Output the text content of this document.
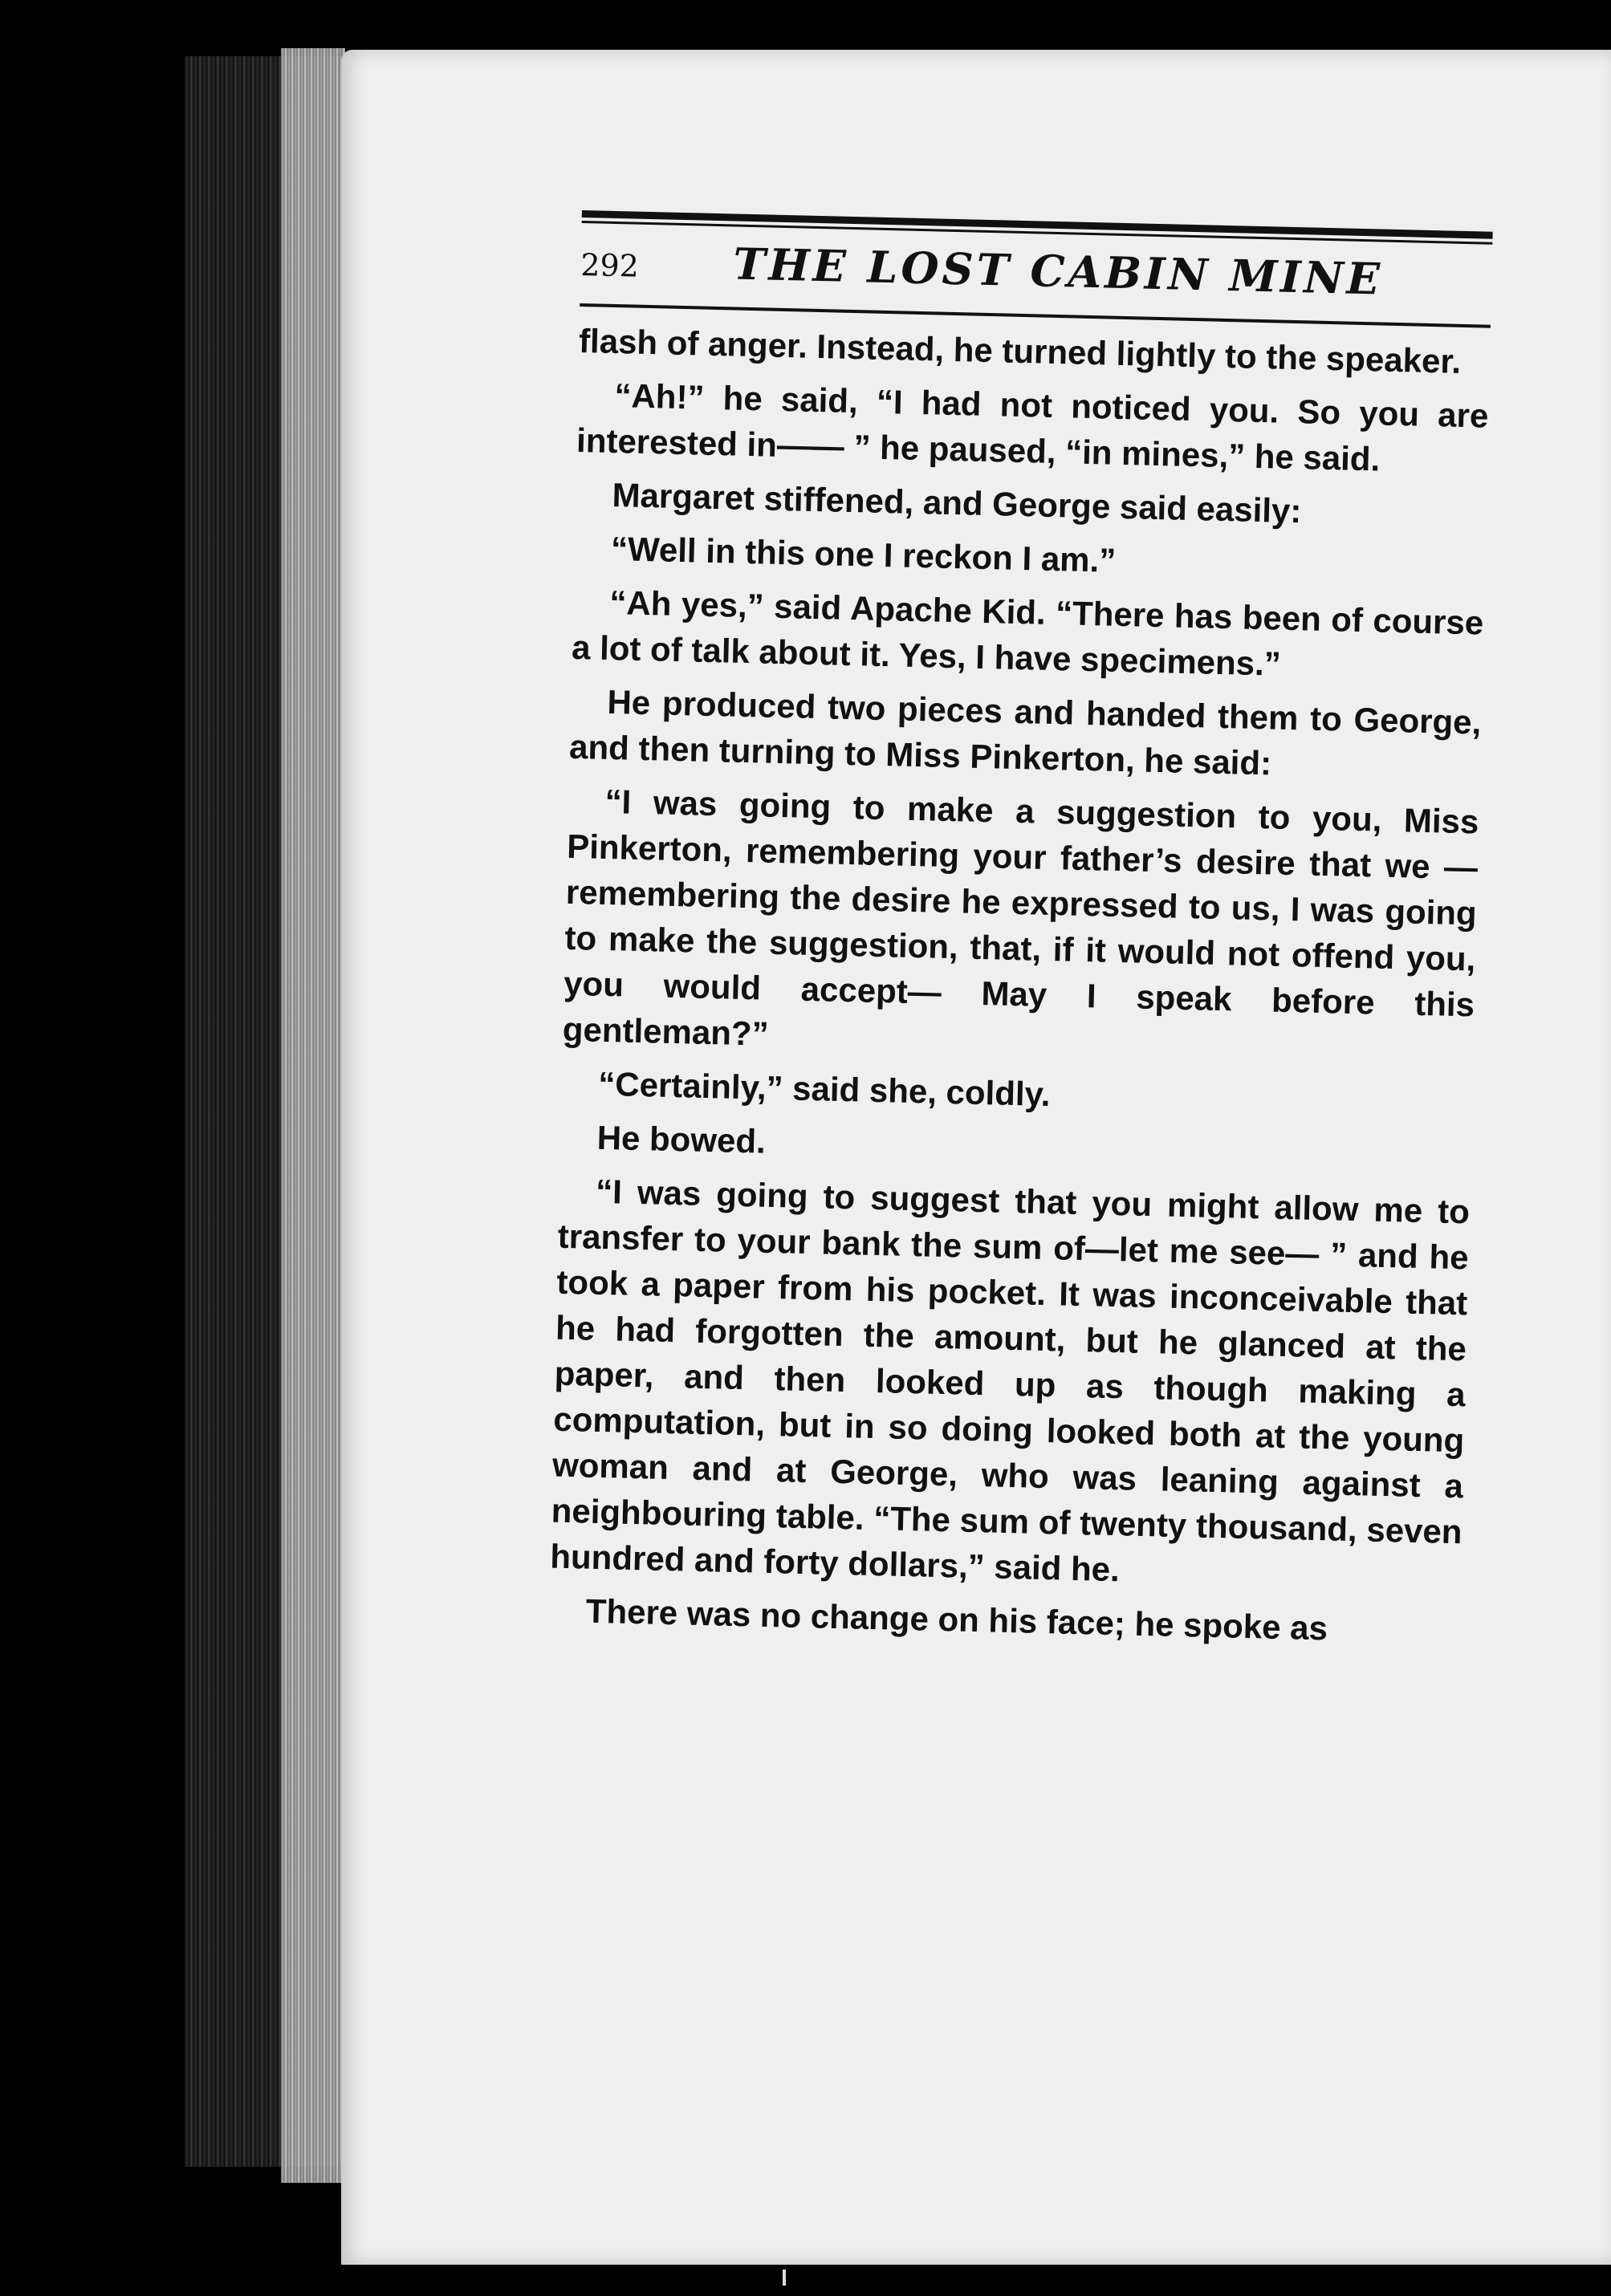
292	THE LOST CABIN MINE

flash of anger. Instead, he turned lightly to the speaker.

“Ah!” he said, “I had not noticed you. So you are interested in—— ” he paused, “in mines,” he said.

Margaret stiffened, and George said easily:

“Well in this one I reckon I am.”

“Ah yes,” said Apache Kid. “There has been of course a lot of talk about it. Yes, I have specimens.”

He produced two pieces and handed them to George, and then turning to Miss Pinkerton, he said:

“I was going to make a suggestion to you, Miss Pinkerton, remembering your father’s desire that we —remembering the desire he expressed to us, I was going to make the suggestion, that, if it would not offend you, you would accept— May I speak before this gentleman?”

“Certainly,” said she, coldly.

He bowed.

“I was going to suggest that you might allow me to transfer to your bank the sum of—let me see— ” and he took a paper from his pocket. It was inconceivable that he had forgotten the amount, but he glanced at the paper, and then looked up as though making a computation, but in so doing looked both at the young woman and at George, who was leaning against a neighbouring table. “The sum of twenty thousand, seven hundred and forty dollars,” said he.

There was no change on his face; he spoke as
